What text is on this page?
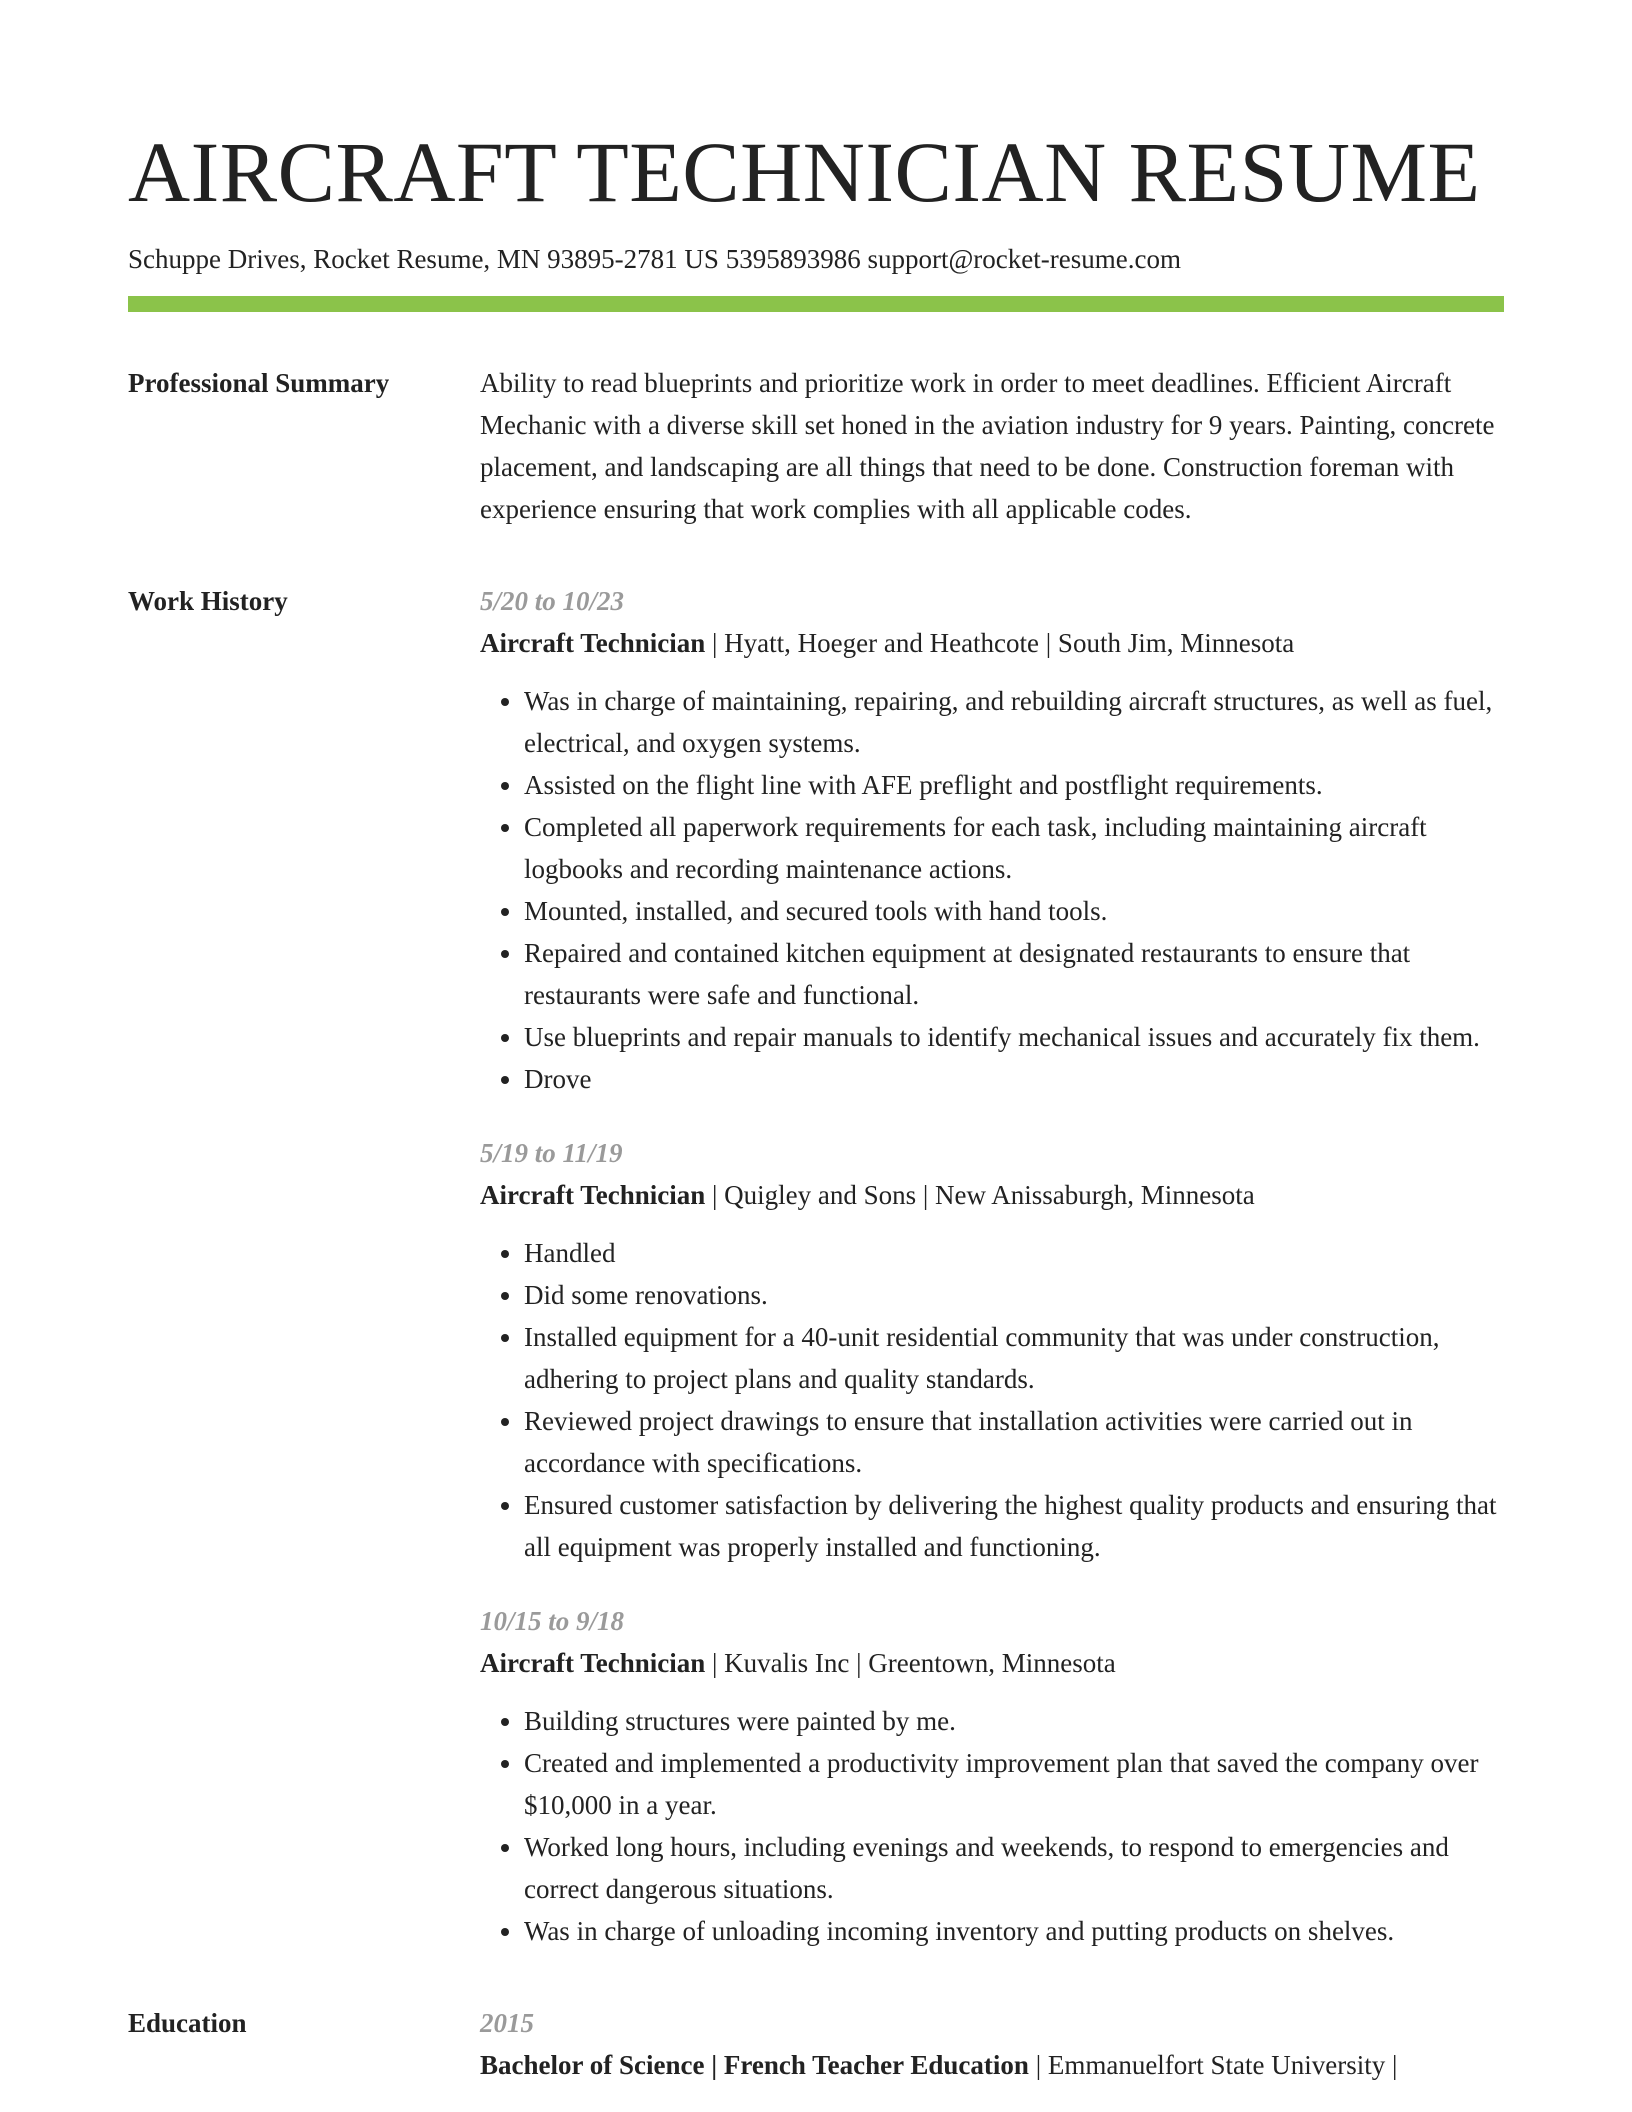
AIRCRAFT TECHNICIAN RESUME
Schuppe Drives, Rocket Resume, MN 93895-2781 US 5395893986 support@rocket-resume.com
Professional Summary	Ability to read blueprints and prioritize work in order to meet deadlines. Efficient Aircraft Mechanic with a diverse skill set honed in the aviation industry for 9 years. Painting, concrete placement, and landscaping are all things that need to be done. Construction foreman with experience ensuring that work complies with all applicable codes.

Work History	5/20 to 10/23
Aircraft Technician | Hyatt, Hoeger and Heathcote | South Jim, Minnesota
• Was in charge of maintaining, repairing, and rebuilding aircraft structures, as well as fuel, electrical, and oxygen systems.
• Assisted on the flight line with AFE preflight and postflight requirements.
• Completed all paperwork requirements for each task, including maintaining aircraft logbooks and recording maintenance actions.
• Mounted, installed, and secured tools with hand tools.
• Repaired and contained kitchen equipment at designated restaurants to ensure that restaurants were safe and functional.
• Use blueprints and repair manuals to identify mechanical issues and accurately fix them.
• Drove
5/19 to 11/19
Aircraft Technician | Quigley and Sons | New Anissaburgh, Minnesota
• Handled
• Did some renovations.
• Installed equipment for a 40-unit residential community that was under construction, adhering to project plans and quality standards.
• Reviewed project drawings to ensure that installation activities were carried out in accordance with specifications.
• Ensured customer satisfaction by delivering the highest quality products and ensuring that all equipment was properly installed and functioning.
10/15 to 9/18
Aircraft Technician | Kuvalis Inc | Greentown, Minnesota
• Building structures were painted by me.
• Created and implemented a productivity improvement plan that saved the company over $10,000 in a year.
• Worked long hours, including evenings and weekends, to respond to emergencies and correct dangerous situations.
• Was in charge of unloading incoming inventory and putting products on shelves.
Education	2015
Bachelor of Science | French Teacher Education | Emmanuelfort State University |
